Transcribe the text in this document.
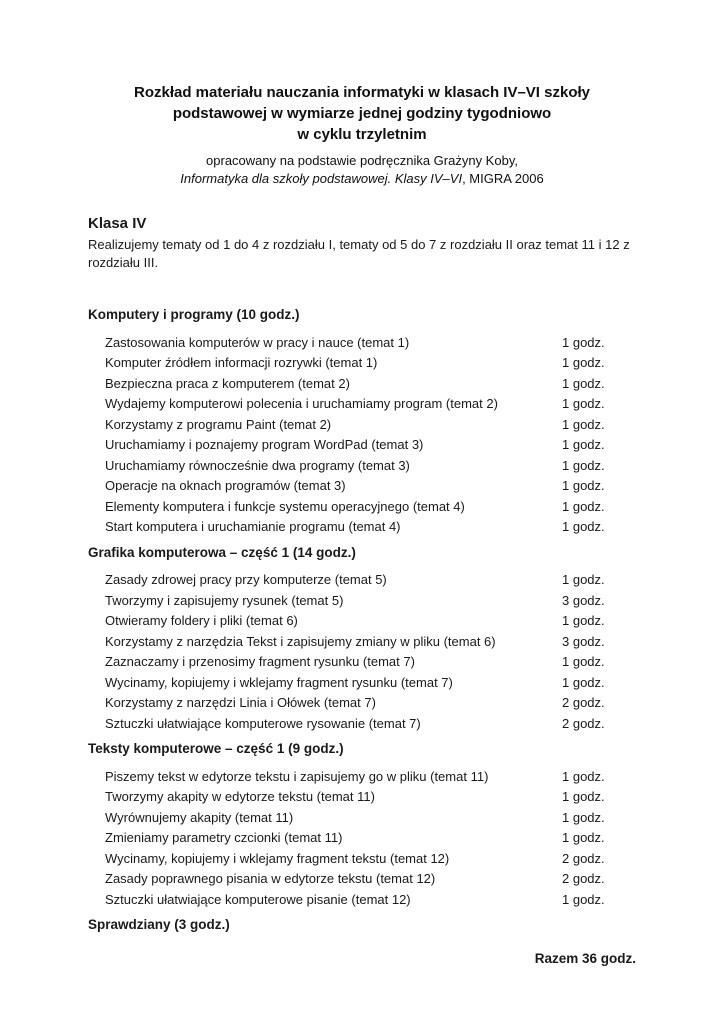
Rozkład materiału nauczania informatyki w klasach IV–VI szkoły
podstawowej w wymiarze jednej godziny tygodniowo
w cyklu trzyletnim
opracowany na podstawie podręcznika Grażyny Koby,
Informatyka dla szkoły podstawowej. Klasy IV–VI, MIGRA 2006
Klasa IV
Realizujemy tematy od 1 do 4 z rozdziału I, tematy od 5 do 7 z rozdziału II oraz temat 11 i 12 z rozdziału III.
Komputery i programy (10 godz.)
Zastosowania komputerów w pracy i nauce (temat 1)	1 godz.
Komputer źródłem informacji rozrywki (temat 1)	1 godz.
Bezpieczna praca z komputerem (temat 2)	1 godz.
Wydajemy komputerowi polecenia i uruchamiamy program (temat 2)	1 godz.
Korzystamy z programu Paint (temat 2)	1 godz.
Uruchamiamy i poznajemy program WordPad (temat 3)	1 godz.
Uruchamiamy równocześnie dwa programy (temat 3)	1 godz.
Operacje na oknach programów (temat 3)	1 godz.
Elementy komputera i funkcje systemu operacyjnego (temat 4)	1 godz.
Start komputera i uruchamianie programu (temat 4)	1 godz.
Grafika komputerowa – część 1 (14 godz.)
Zasady zdrowej pracy przy komputerze (temat 5)	1 godz.
Tworzymy i zapisujemy rysunek (temat 5)	3 godz.
Otwieramy foldery i pliki (temat 6)	1 godz.
Korzystamy z narzędzia Tekst i zapisujemy zmiany w pliku (temat 6)	3 godz.
Zaznaczamy i przenosimy fragment rysunku (temat 7)	1 godz.
Wycinamy, kopiujemy i wklejamy fragment rysunku (temat 7)	1 godz.
Korzystamy z narzędzi Linia i Ołówek (temat 7)	2 godz.
Sztuczki ułatwiające komputerowe rysowanie (temat 7)	2 godz.
Teksty komputerowe – część 1 (9 godz.)
Piszemy tekst w edytorze tekstu i zapisujemy go w pliku (temat 11)	1 godz.
Tworzymy akapity w edytorze tekstu (temat 11)	1 godz.
Wyrównujemy akapity (temat 11)	1 godz.
Zmieniamy parametry czcionki (temat 11)	1 godz.
Wycinamy, kopiujemy i wklejamy fragment tekstu (temat 12)	2 godz.
Zasady poprawnego pisania w edytorze tekstu (temat 12)	2 godz.
Sztuczki ułatwiające komputerowe pisanie (temat 12)	1 godz.
Sprawdziany (3 godz.)
Razem 36 godz.
